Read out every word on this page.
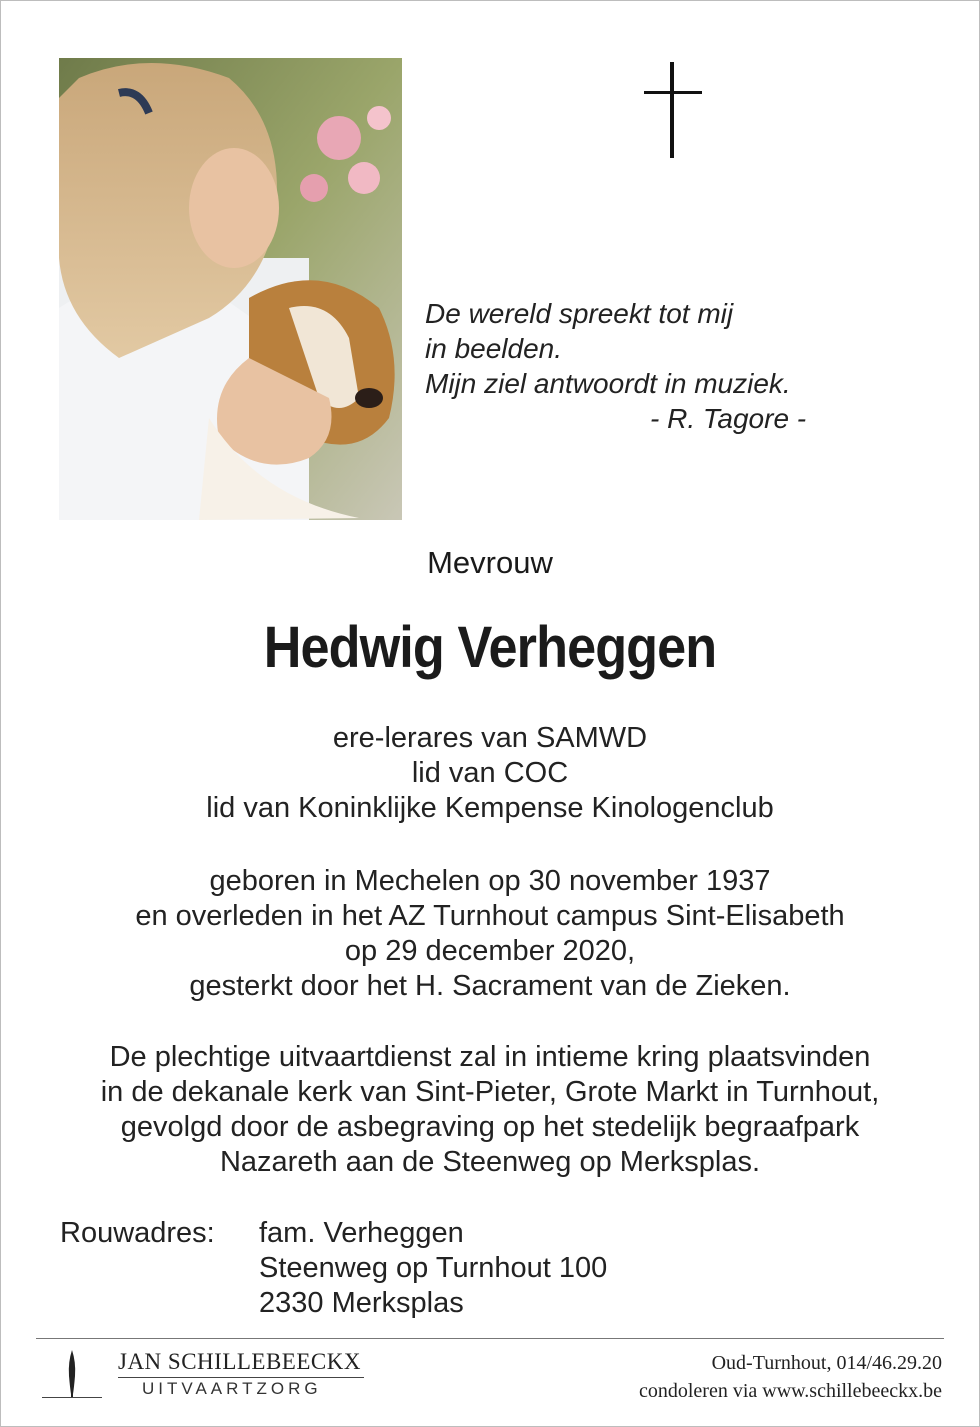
De wereld spreekt tot mij
in beelden.
Mijn ziel antwoordt in muziek.
- R. Tagore -
Mevrouw
Hedwig Verheggen
ere-lerares van SAMWD
lid van COC
lid van Koninklijke Kempense Kinologenclub
geboren in Mechelen op 30 november 1937
en overleden in het AZ Turnhout campus Sint-Elisabeth
op 29 december 2020,
gesterkt door het H. Sacrament van de Zieken.
De plechtige uitvaartdienst zal in intieme kring plaatsvinden
in de dekanale kerk van Sint-Pieter, Grote Markt in Turnhout,
gevolgd door de asbegraving op het stedelijk begraafpark
Nazareth aan de Steenweg op Merksplas.
Rouwadres:	fam. Verheggen
Steenweg op Turnhout 100
2330 Merksplas
JAN SCHILLEBEECKX
UITVAARTZORG
Oud-Turnhout, 014/46.29.20
condoleren via www.schillebeeckx.be
